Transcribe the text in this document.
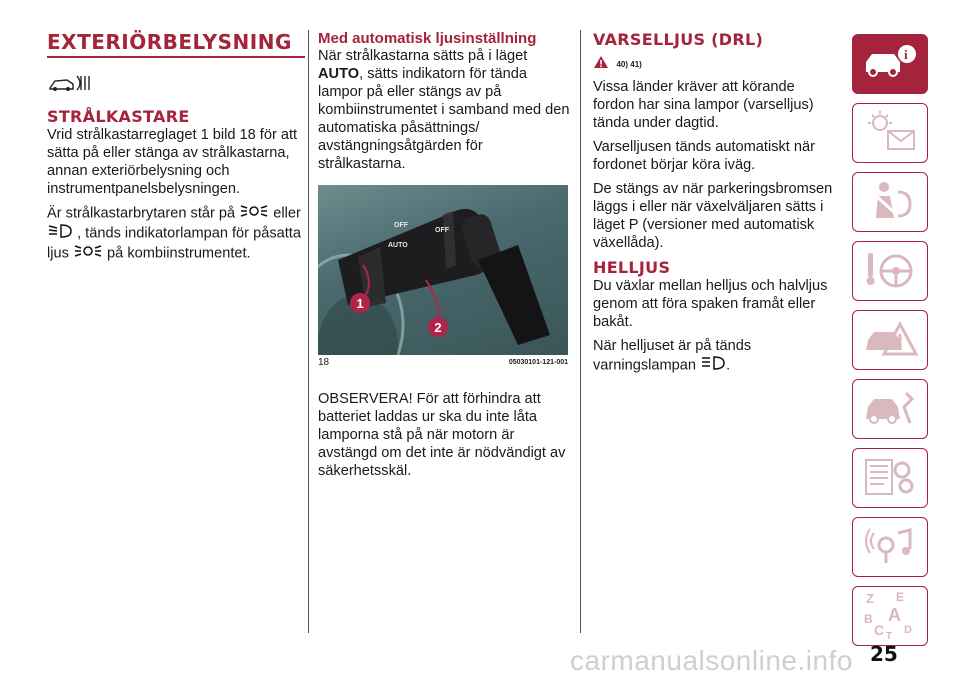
EXTERIÖRBELYSNING
STRÅLKASTARE

Vrid strålkastarreglaget 1 bild 18 för att sätta på eller stänga av strålkastarna, annan exteriörbelysning och instrumentpanelsbelysningen.

Är strålkastarbrytaren står på	eller  , tänds indikatorlampan för påsatta ljus	på kombiinstrumentet.

Med automatisk ljusinställning

När strålkastarna sätts på i läget AUTO, sätts indikatorn för tända lampor på eller stängs av på kombiinstrumentet i samband med den automatiska påsättnings/ avstängningsåtgärden för strålkastarna.

OFF
OFF
AUTO
1
2
18	05030101-121-001

OBSERVERA! För att förhindra att batteriet laddas ur ska du inte låta lamporna stå på när motorn är avstängd om det inte är nödvändigt av säkerhetsskäl.

VARSELLJUS (DRL)
40) 41)

Vissa länder kräver att körande fordon har sina lampor (varselljus) tända under dagtid.

Varselljusen tänds automatiskt när fordonet börjar köra iväg.

De stängs av när parkeringsbromsen läggs i eller när växelväljaren sätts i läget P (versioner med automatisk växellåda).

HELLJUS

Du växlar mellan helljus och halvljus genom att föra spaken framåt eller bakåt.

När helljuset är på tänds varningslampan .

i
Z E
B A
C D
T
carmanualsonline.info 25
